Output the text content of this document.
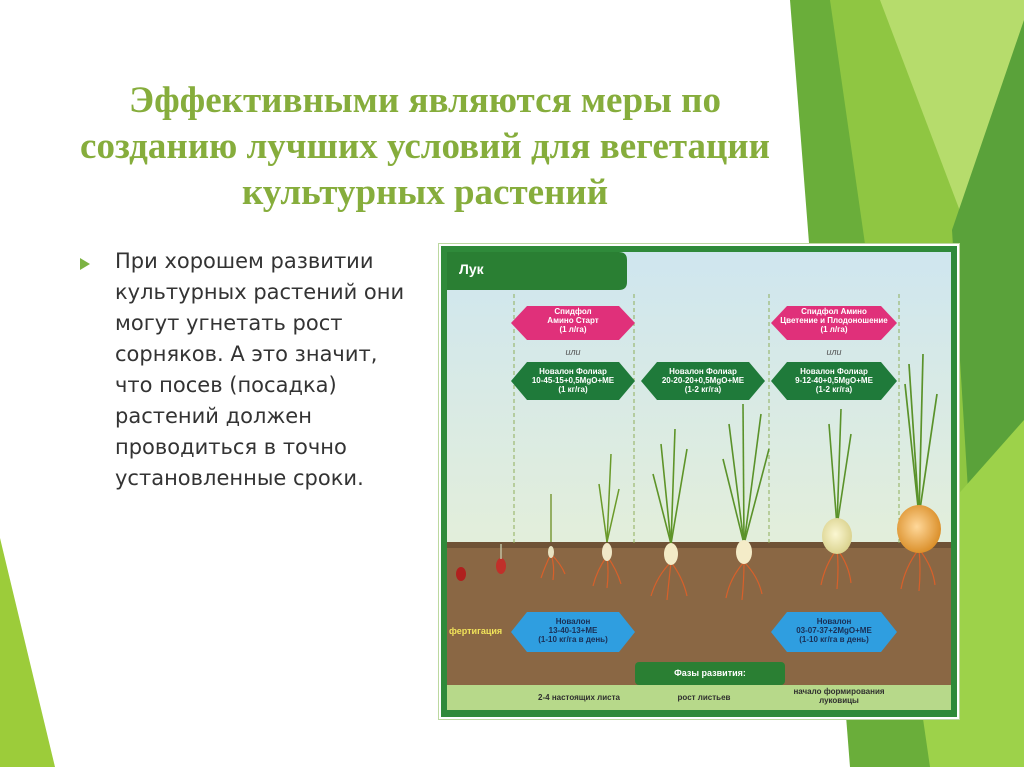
Эффективными являются меры по созданию лучших условий для вегетации культурных растений
При хорошем развитии культурных растений они могут угнетать рост сорняков. А это значит, что посев (посадка) растений должен проводиться в точно установленные сроки.
Лук
Спидфол
Амино Старт
(1 л/га)
Спидфол Амино
Цветение и Плодоношение
(1 л/га)
или	или
Новалон Фолиар
10-45-15+0,5MgO+ME
(1 кг/га)
Новалон Фолиар
20-20-20+0,5MgO+ME
(1-2 кг/га)
Новалон Фолиар
9-12-40+0,5MgO+ME
(1-2 кг/га)
фертигация
Новалон
13-40-13+ME
(1-10 кг/га в день)
Новалон
03-07-37+2MgO+ME
(1-10 кг/га в день)
Фазы развития:
2-4 настоящих листа	рост листьев
начало формирования луковицы
